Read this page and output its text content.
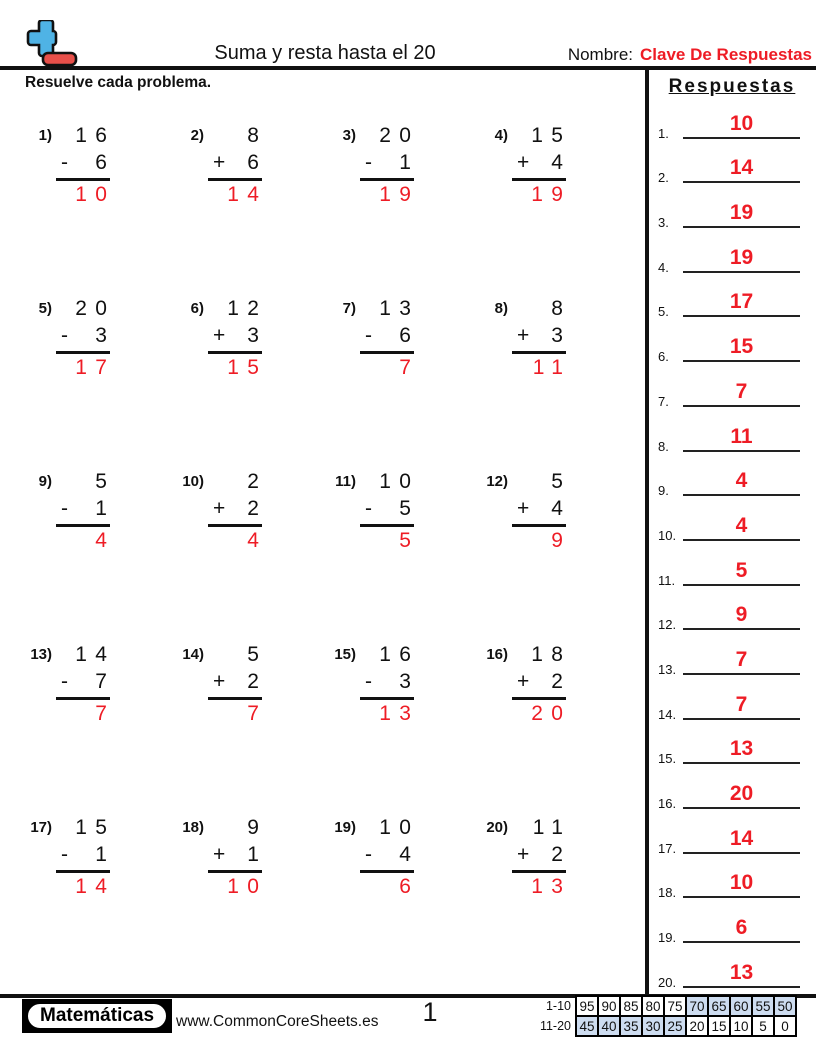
Suma y resta hasta el 20	Nombre: Clave De Respuestas
Resuelve cada problema.
1)	16
- 6
10
2)	8
+ 6
14
3)	20
- 1
19
4)	15
+ 4
19
5)	20
- 3
17
6)	12
+ 3
15
7)	13
- 6
7
8)	8
+ 3
11
9)	5
- 1
4
10)	2
+ 2
4
11)	10
- 5
5
12)	5
+ 4
9
13)	14
- 7
7
14)	5
+ 2
7
15)	16
- 3
13
16)	18
+ 2
20
17)	15
- 1
14
18)	9
+ 1
10
19)	10
- 4
6
20)	11
+ 2
13
Respuestas
1.	10
2.	14
3.	19
4.	19
5.	17
6.	15
7.	7
8.	11
9.	4
10.	4
11.	5
12.	9
13.	7
14.	7
15.	13
16.	20
17.	14
18.	10
19.	6
20.	13
Matemáticas	www.CommonCoreSheets.es	1	1-10	95	90	85	80	75	70	65	60	55	50
11-20	45	40	35	30	25	20	15	10	5	0
